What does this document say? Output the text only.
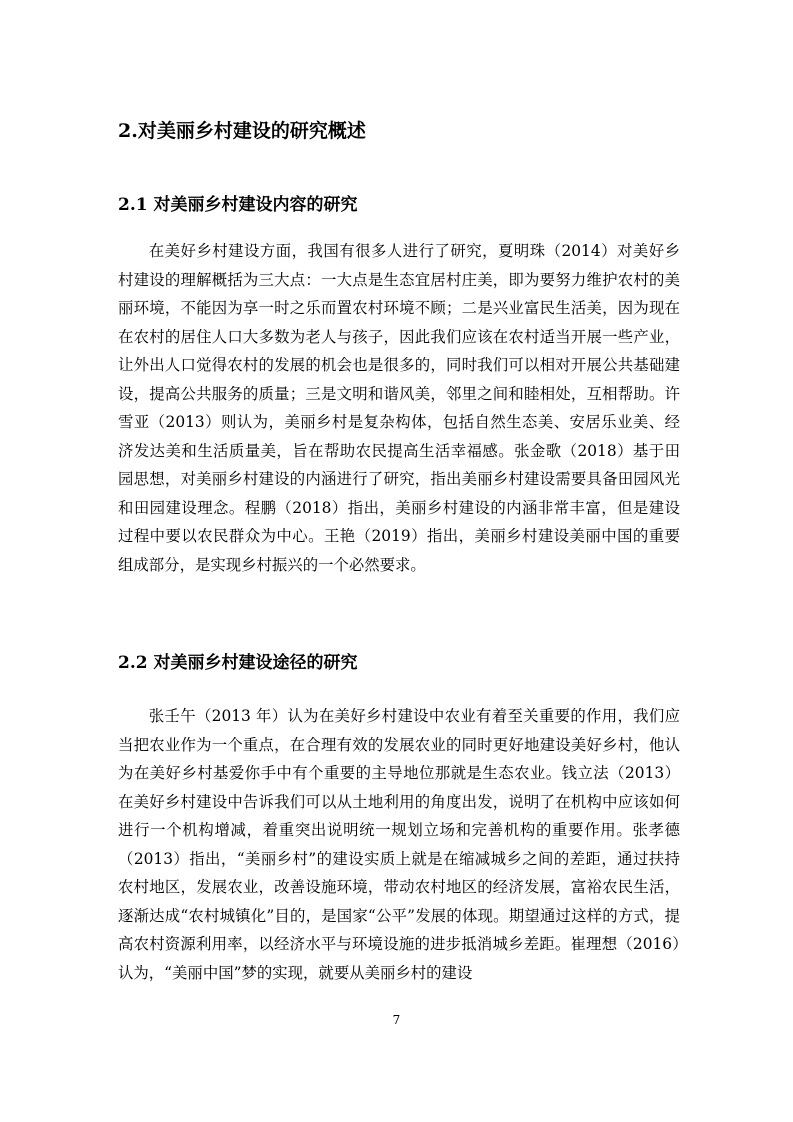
2.对美丽乡村建设的研究概述
2.1 对美丽乡村建设内容的研究

在美好乡村建设方面，我国有很多人进行了研究，夏明珠（2014）对美好乡村建设的理解概括为三大点：一大点是生态宜居村庄美，即为要努力维护农村的美丽环境，不能因为享一时之乐而置农村环境不顾；二是兴业富民生活美，因为现在在农村的居住人口大多数为老人与孩子，因此我们应该在农村适当开展一些产业，让外出人口觉得农村的发展的机会也是很多的，同时我们可以相对开展公共基础建设，提高公共服务的质量；三是文明和谐风美，邻里之间和睦相处，互相帮助。许雪亚（2013）则认为，美丽乡村是复杂构体，包括自然生态美、安居乐业美、经济发达美和生活质量美，旨在帮助农民提高生活幸福感。张金歌（2018）基于田园思想，对美丽乡村建设的内涵进行了研究，指出美丽乡村建设需要具备田园风光和田园建设理念。程鹏（2018）指出，美丽乡村建设的内涵非常丰富，但是建设过程中要以农民群众为中心。王艳（2019）指出，美丽乡村建设美丽中国的重要组成部分，是实现乡村振兴的一个必然要求。

2.2 对美丽乡村建设途径的研究

张壬午（2013 年）认为在美好乡村建设中农业有着至关重要的作用，我们应当把农业作为一个重点，在合理有效的发展农业的同时更好地建设美好乡村，他认为在美好乡村基爱你手中有个重要的主导地位那就是生态农业。钱立法（2013）在美好乡村建设中告诉我们可以从土地利用的角度出发，说明了在机构中应该如何进行一个机构增减，着重突出说明统一规划立场和完善机构的重要作用。张孝德（2013）指出，“美丽乡村”的建设实质上就是在缩减城乡之间的差距，通过扶持农村地区，发展农业，改善设施环境，带动农村地区的经济发展，富裕农民生活，逐渐达成“农村城镇化”目的，是国家“公平”发展的体现。期望通过这样的方式，提高农村资源利用率，以经济水平与环境设施的进步抵消城乡差距。崔理想（2016）认为，“美丽中国”梦的实现，就要从美丽乡村的建设

7
